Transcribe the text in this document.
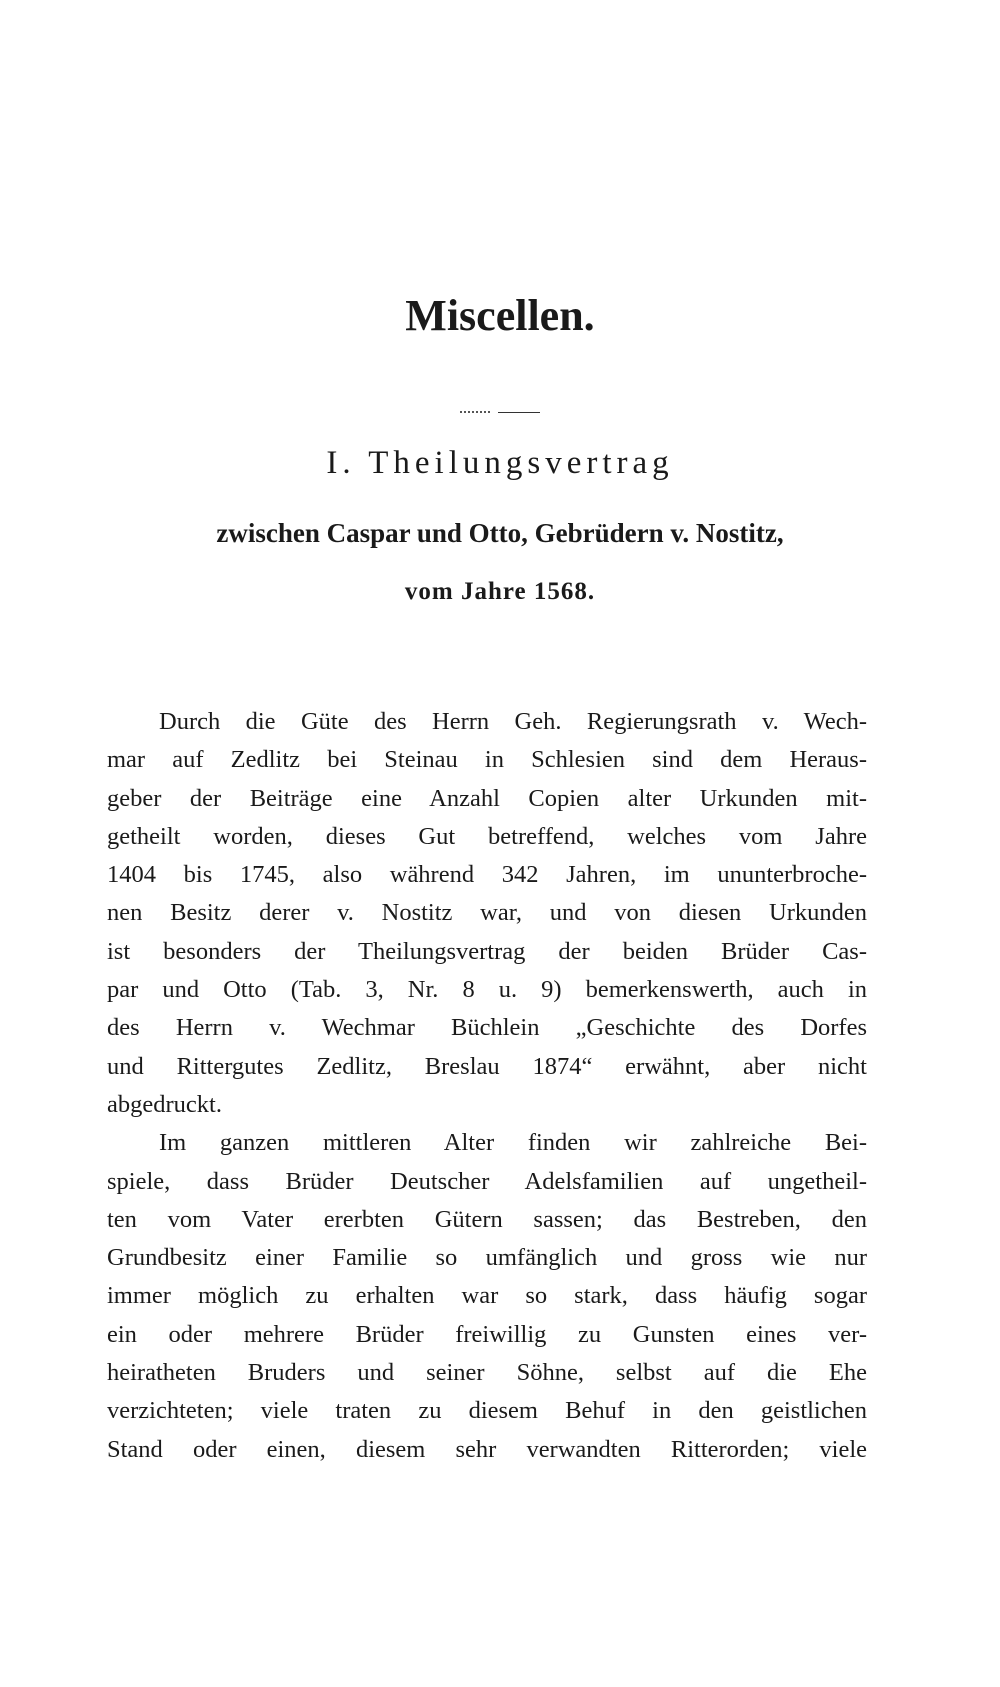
Miscellen.
I. Theilungsvertrag
zwischen Caspar und Otto, Gebrüdern v. Nostitz,
vom Jahre 1568.
Durch die Güte des Herrn Geh. Regierungsrath v. Wech-
mar auf Zedlitz bei Steinau in Schlesien sind dem Heraus-
geber der Beiträge eine Anzahl Copien alter Urkunden mit-
getheilt worden, dieses Gut betreffend, welches vom Jahre
1404 bis 1745, also während 342 Jahren, im ununterbroche-
nen Besitz derer v. Nostitz war, und von diesen Urkunden
ist besonders der Theilungsvertrag der beiden Brüder Cas-
par und Otto (Tab. 3, Nr. 8 u. 9) bemerkenswerth, auch in
des Herrn v. Wechmar Büchlein „Geschichte des Dorfes
und Rittergutes Zedlitz, Breslau 1874“ erwähnt, aber nicht
abgedruckt.
Im ganzen mittleren Alter finden wir zahlreiche Bei-
spiele, dass Brüder Deutscher Adelsfamilien auf ungetheil-
ten vom Vater ererbten Gütern sassen; das Bestreben, den
Grundbesitz einer Familie so umfänglich und gross wie nur
immer möglich zu erhalten war so stark, dass häufig sogar
ein oder mehrere Brüder freiwillig zu Gunsten eines ver-
heiratheten Bruders und seiner Söhne, selbst auf die Ehe
verzichteten; viele traten zu diesem Behuf in den geistlichen
Stand oder einen, diesem sehr verwandten Ritterorden; viele
